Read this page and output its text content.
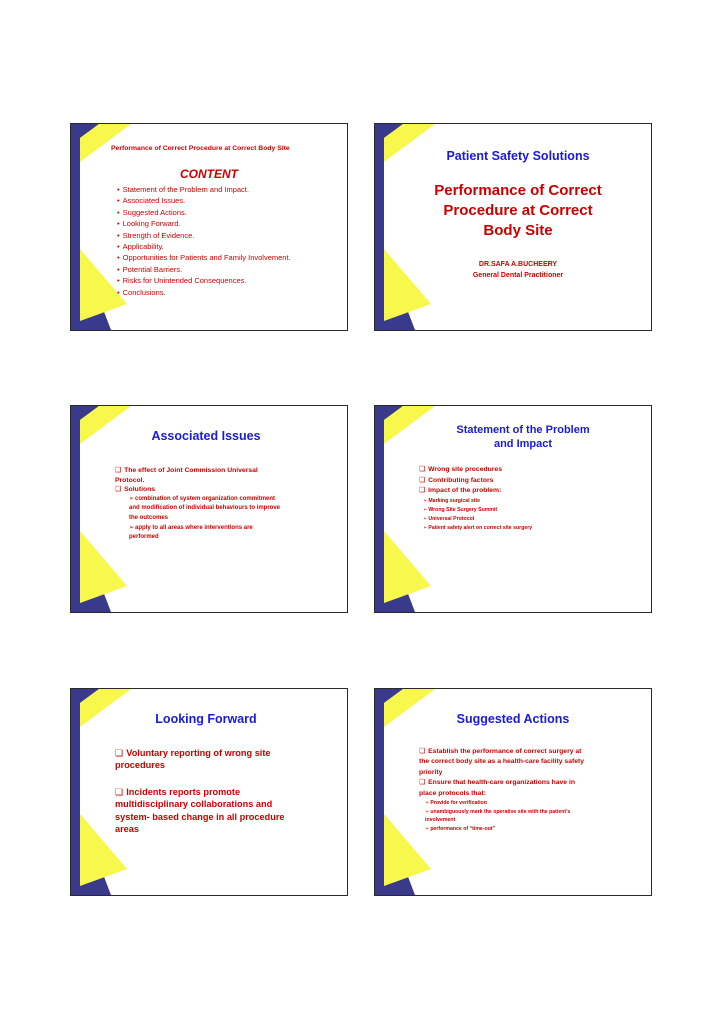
Performance of Correct Procedure at Correct Body Site
CONTENT
• Statement of the Problem and Impact.
• Associated Issues.
• Suggested Actions.
• Looking Forward.
• Strength of Evidence.
• Applicability.
• Opportunities for Patients and Family Involvement.
• Potential Barriers.
• Risks for Unintended Consequences.
• Conclusions.
Patient Safety Solutions
Performance of Correct
Procedure at Correct
Body Site
DR.SAFA A.BUCHEERY
General Dental Practitioner
Associated Issues
❏ The effect of Joint Commission Universal
Protocol.
❏ Solutions
➢ combination of system organization commitment
and modification of individual behaviours to improve
the outcomes
➢ apply to all areas where interventions are
performed
Statement of the Problem
and Impact
❏ Wrong site procedures
❏ Contributing factors
❏ Impact of the problem:
➢ Marking surgical site
➢ Wrong Site Surgery Summit
➢ Universal Protocol
➢ Patient safety alert on correct site surgery
Looking Forward
❏ Voluntary reporting of wrong site
procedures
❏ Incidents reports promote
multidisciplinary collaborations and
system- based change in all procedure
areas
Suggested Actions
❏ Establish the performance of correct surgery at
the correct body site as a health-care facility safety
priority
❏ Ensure that health-care organizations have in
place protocols that:
➢ Provide for verification
➢ unambiguously mark the operative site with the patient’s
involvement
➢ performance of “time-out”
